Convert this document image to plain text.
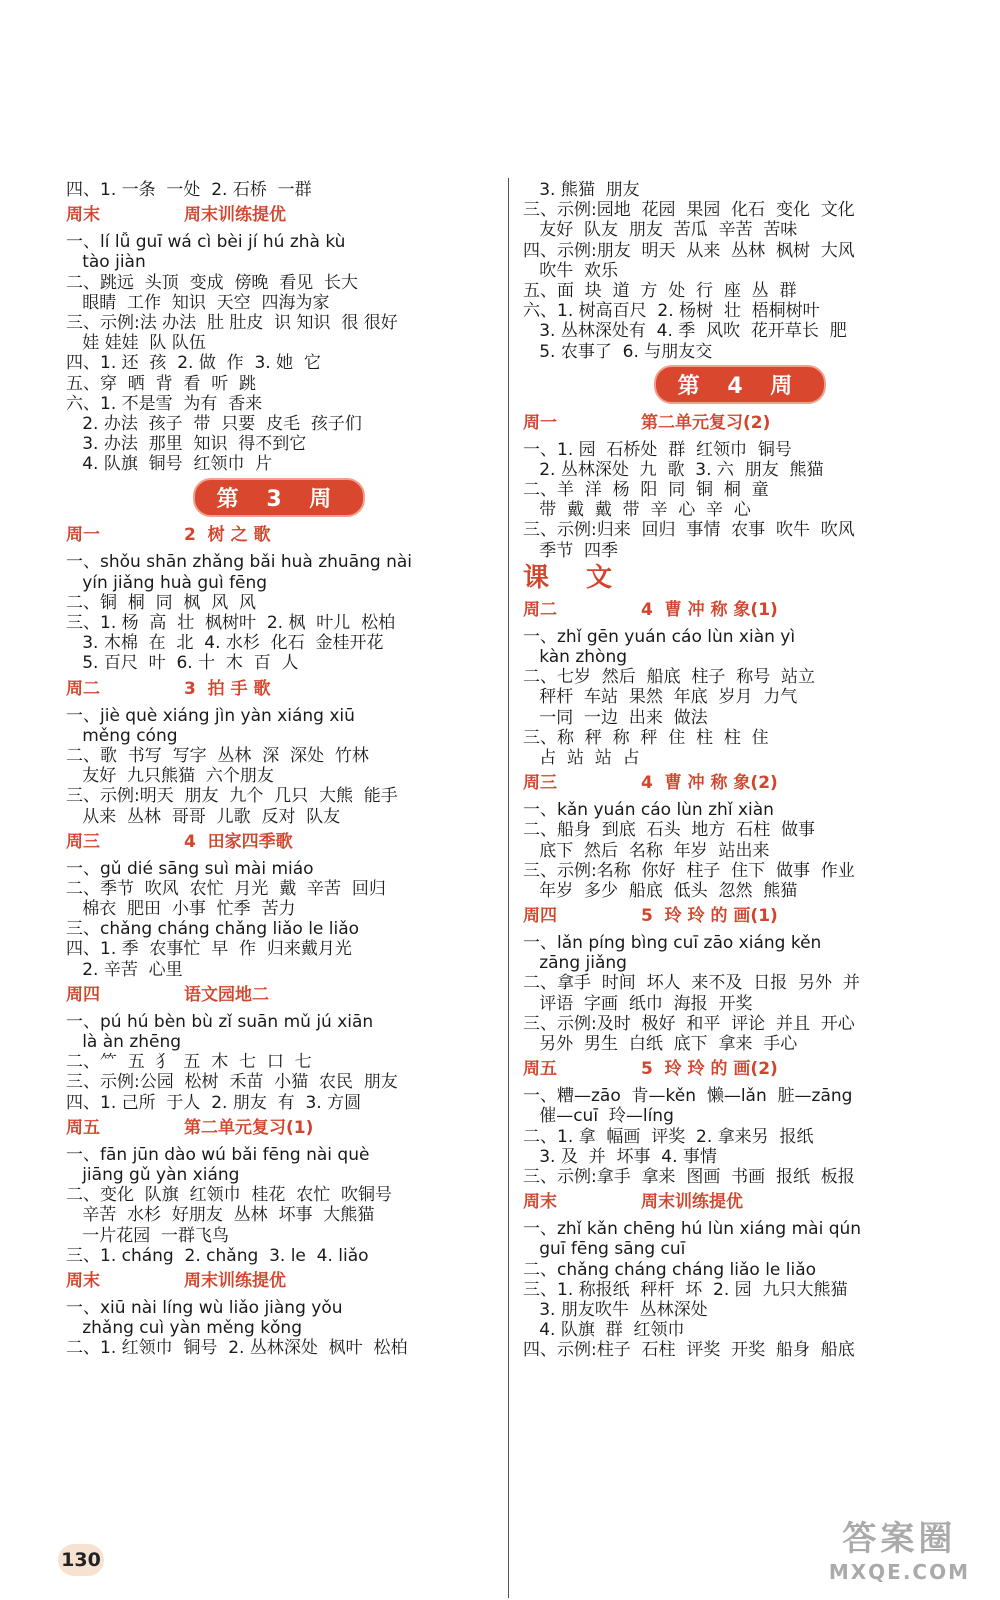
四、1. 一条  一处  2. 石桥  一群
周末	周末训练提优
一、lí lǚ guī wá cì bèi jí hú zhà kù
tào jiàn
二、跳远  头顶  变成  傍晚  看见  长大
眼睛  工作  知识  天空  四海为家
三、示例:法 办法  肚 肚皮  识 知识  很 很好
娃 娃娃  队 队伍
四、1. 还  孩  2. 做  作  3. 她  它
五、穿  晒  背  看  听  跳
六、1. 不是雪  为有  香来
2. 办法  孩子  带  只要  皮毛  孩子们
3. 办法  那里  知识  得不到它
4. 队旗  铜号  红领巾  片
第 3 周
周一	2  树 之 歌
一、shǒu shān zhǎng bǎi huà zhuāng nài
yín jiǎng huà guì fēng
二、铜  桐  同  枫  风  风
三、1. 杨  高  壮  枫树叶  2. 枫  叶儿  松柏
3. 木棉  在  北  4. 水杉  化石  金桂开花
5. 百尺  叶  6. 十  木  百  人
周二	3  拍 手 歌
一、jiè què xiáng jìn yàn xiáng xiū
měng cóng
二、歌  书写  写字  丛林  深  深处  竹林
友好  九只熊猫  六个朋友
三、示例:明天  朋友  九个  几只  大熊  能手
从来  丛林  哥哥  儿歌  反对  队友
周三	4  田家四季歌
一、gǔ dié sāng suì mài miáo
二、季节  吹风  农忙  月光  戴  辛苦  回归
棉衣  肥田  小事  忙季  苦力
三、chǎng cháng chǎng liǎo le liǎo
四、1. 季  农事忙  早  作  归来戴月光
2. 辛苦  心里
周四	语文园地二
一、pú hú bèn bù zǐ suān mǔ jú xiān
là àn zhēng
二、⺮  五  犭  五  木  七  口  七
三、示例:公园  松树  禾苗  小猫  农民  朋友
四、1. 己所  于人  2. 朋友  有  3. 方圆
周五	第二单元复习(1)
一、fān jūn dào wú bǎi fēng nài què
jiāng gǔ yàn xiáng
二、变化  队旗  红领巾  桂花  农忙  吹铜号
辛苦  水杉  好朋友  丛林  坏事  大熊猫
一片花园  一群飞鸟
三、1. cháng  2. chǎng  3. le  4. liǎo
周末	周末训练提优
一、xiū nài líng wù liǎo jiàng yǒu
zhǎng cuì yàn měng kǒng
二、1. 红领巾  铜号  2. 丛林深处  枫叶  松柏
3. 熊猫  朋友
三、示例:园地  花园  果园  化石  变化  文化
友好  队友  朋友  苦瓜  辛苦  苦味
四、示例:朋友  明天  从来  丛林  枫树  大风
吹牛  欢乐
五、面  块  道  方  处  行  座  丛  群
六、1. 树高百尺  2. 杨树  壮  梧桐树叶
3. 丛林深处有  4. 季  风吹  花开草长  肥
5. 农事了  6. 与朋友交
第 4 周
周一	第二单元复习(2)
一、1. 园  石桥处  群  红领巾  铜号
2. 丛林深处  九  歌  3. 六  朋友  熊猫
二、羊  洋  杨  阳  同  铜  桐  童
带  戴  戴  带  辛  心  辛  心
三、示例:归来  回归  事情  农事  吹牛  吹风
季节  四季
课 文
周二	4  曹 冲 称 象(1)
一、zhǐ gēn yuán cáo lùn xiàn yì
kàn zhòng
二、七岁  然后  船底  柱子  称号  站立
秤杆  车站  果然  年底  岁月  力气
一同  一边  出来  做法
三、称  秤  称  秤  住  柱  柱  住
占  站  站  占
周三	4  曹 冲 称 象(2)
一、kǎn yuán cáo lùn zhǐ xiàn
二、船身  到底  石头  地方  石柱  做事
底下  然后  名称  年岁  站出来
三、示例:名称  你好  柱子  住下  做事  作业
年岁  多少  船底  低头  忽然  熊猫
周四	5  玲 玲 的 画(1)
一、lǎn píng bìng cuī zāo xiáng kěn
zāng jiǎng
二、拿手  时间  坏人  来不及  日报  另外  并
评语  字画  纸巾  海报  开奖
三、示例:及时  极好  和平  评论  并且  开心
另外  男生  白纸  底下  拿来  手心
周五	5  玲 玲 的 画(2)
一、糟—zāo  肯—kěn  懒—lǎn  脏—zāng
催—cuī  玲—líng
二、1. 拿  幅画  评奖  2. 拿来另  报纸
3. 及  并  坏事  4. 事情
三、示例:拿手  拿来  图画  书画  报纸  板报
周末	周末训练提优
一、zhǐ kǎn chēng hú lùn xiáng mài qún
guī fēng sāng cuī
二、chǎng cháng cháng liǎo le liǎo
三、1. 称报纸  秤杆  坏  2. 园  九只大熊猫
3. 朋友吹牛  丛林深处
4. 队旗  群  红领巾
四、示例:柱子  石柱  评奖  开奖  船身  船底
130
答案圈
MXQE.COM
